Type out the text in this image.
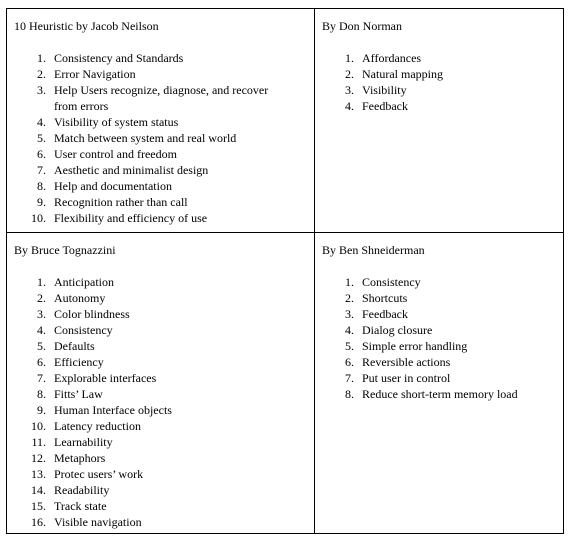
10 Heuristic by Jacob Neilson
1. Consistency and Standards
2. Error Navigation
3. Help Users recognize, diagnose, and recover from errors
4. Visibility of system status
5. Match between system and real world
6. User control and freedom
7. Aesthetic and minimalist design
8. Help and documentation
9. Recognition rather than call
10. Flexibility and efficiency of use
By Don Norman
1. Affordances
2. Natural mapping
3. Visibility
4. Feedback
By Bruce Tognazzini
1. Anticipation
2. Autonomy
3. Color blindness
4. Consistency
5. Defaults
6. Efficiency
7. Explorable interfaces
8. Fitts’ Law
9. Human Interface objects
10. Latency reduction
11. Learnability
12. Metaphors
13. Protec users’ work
14. Readability
15. Track state
16. Visible navigation
By Ben Shneiderman
1. Consistency
2. Shortcuts
3. Feedback
4. Dialog closure
5. Simple error handling
6. Reversible actions
7. Put user in control
8. Reduce short-term memory load
